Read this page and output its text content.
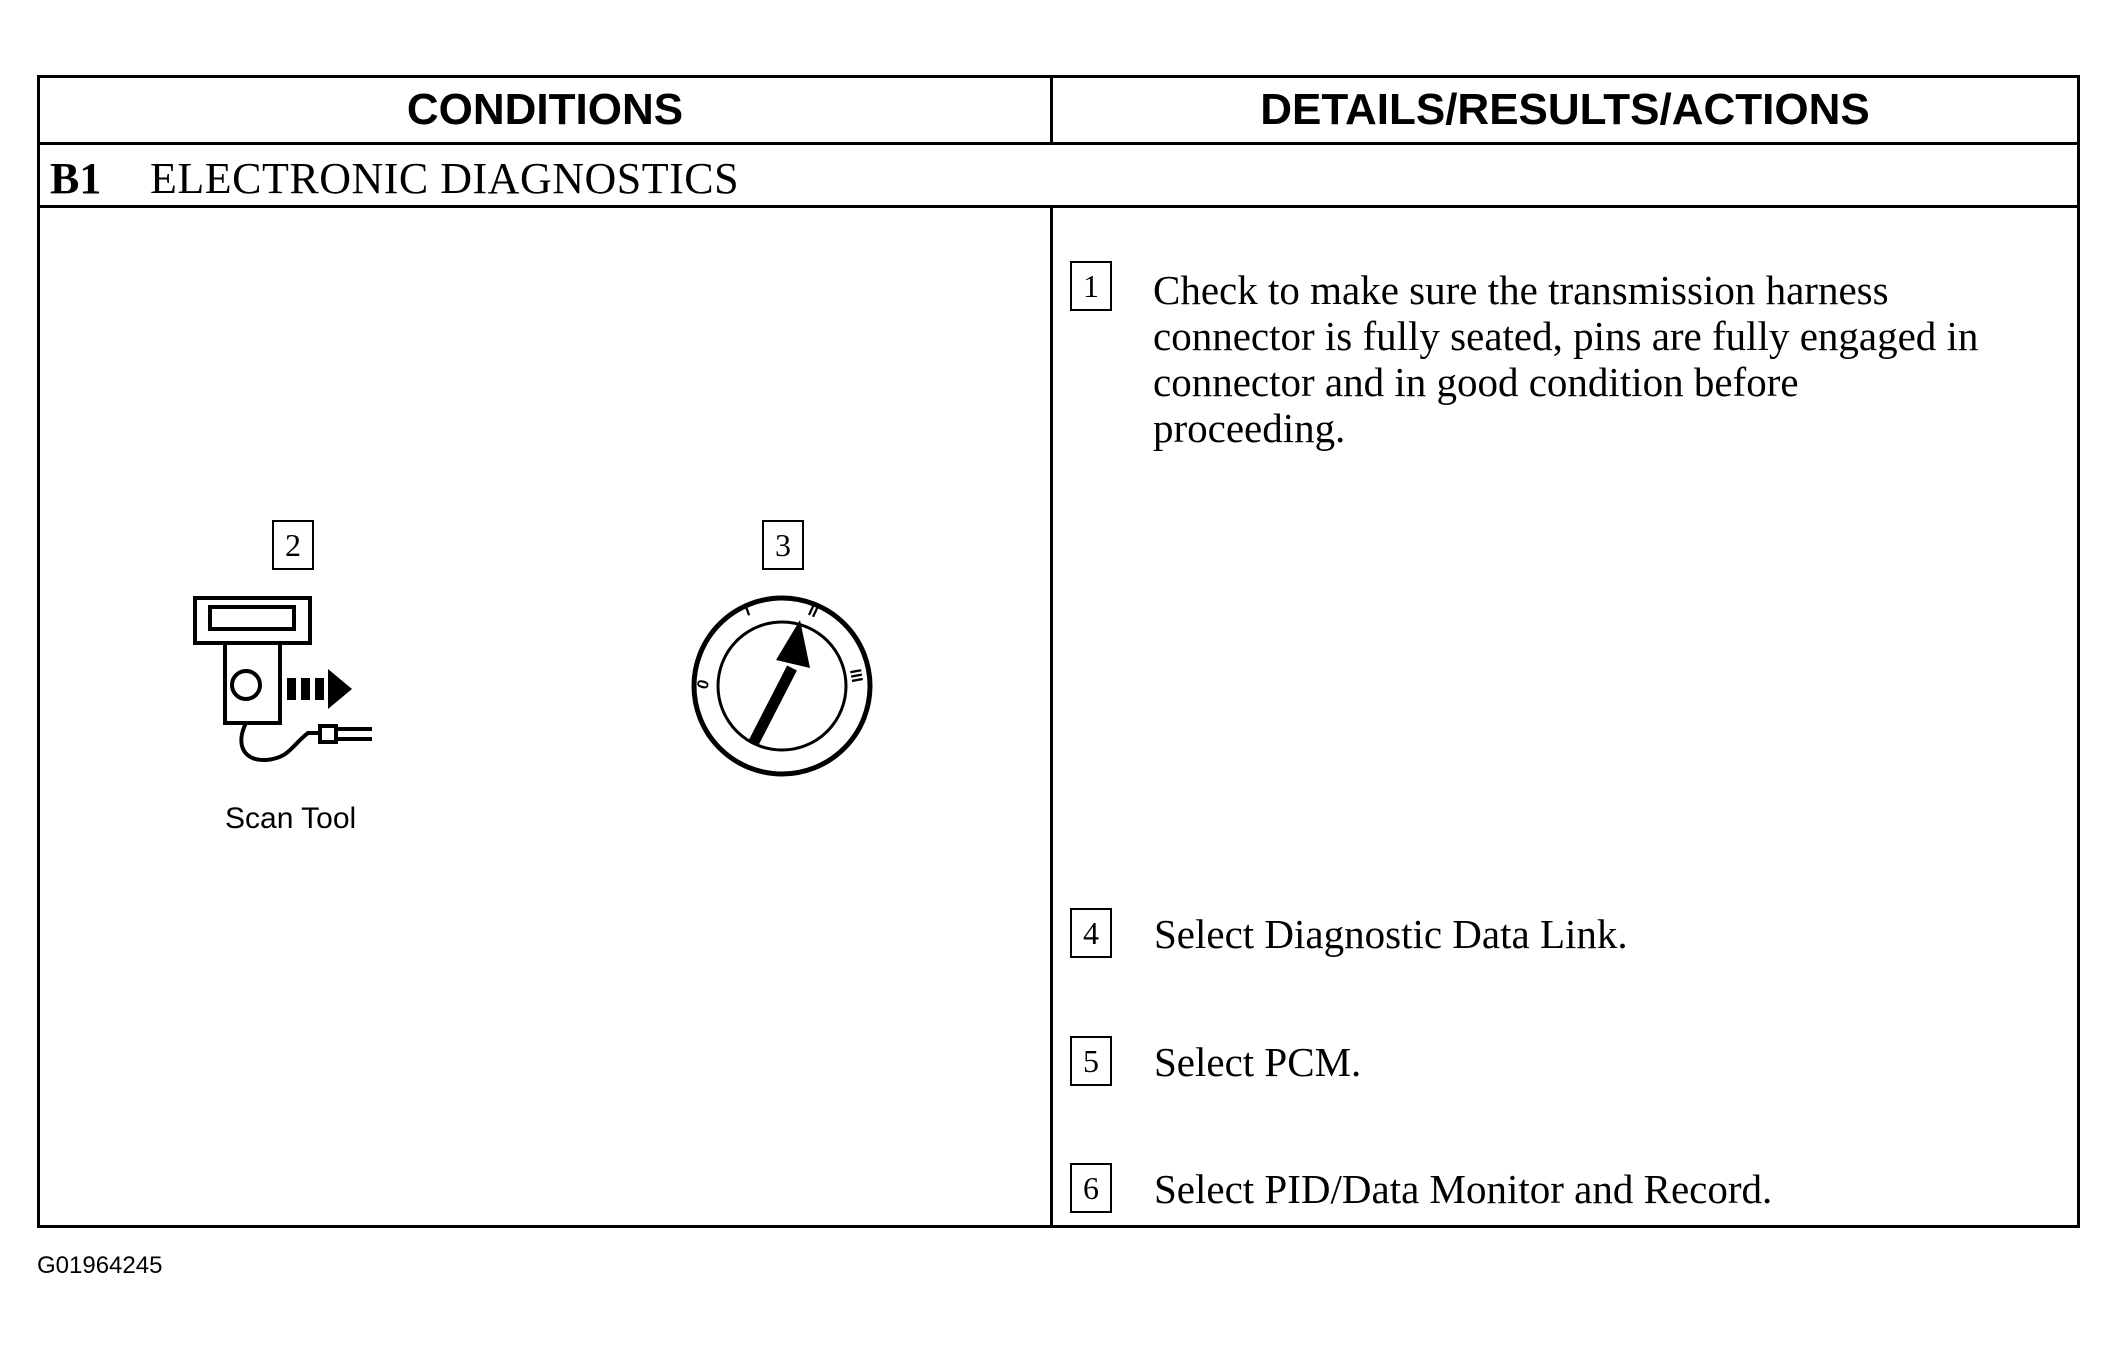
CONDITIONS	DETAILS/RESULTS/ACTIONS
B1 ELECTRONIC DIAGNOSTICS
2
Scan Tool
3
0
I	II
III
1	Check to make sure the transmission harness
connector is fully seated, pins are fully engaged in
connector and in good condition before
proceeding.
4	Select Diagnostic Data Link.
5	Select PCM.
6	Select PID/Data Monitor and Record.
G01964245
